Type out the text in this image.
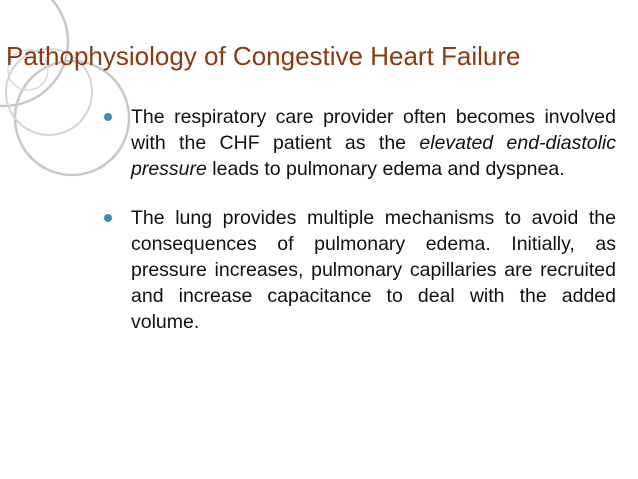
Pathophysiology of Congestive Heart Failure
The respiratory care provider often becomes involved with the CHF patient as the elevated end-diastolic pressure leads to pulmonary edema and dyspnea.
The lung provides multiple mechanisms to avoid the consequences of pulmonary edema. Initially, as pressure increases, pulmonary capillaries are recruited and increase capacitance to deal with the added volume.
